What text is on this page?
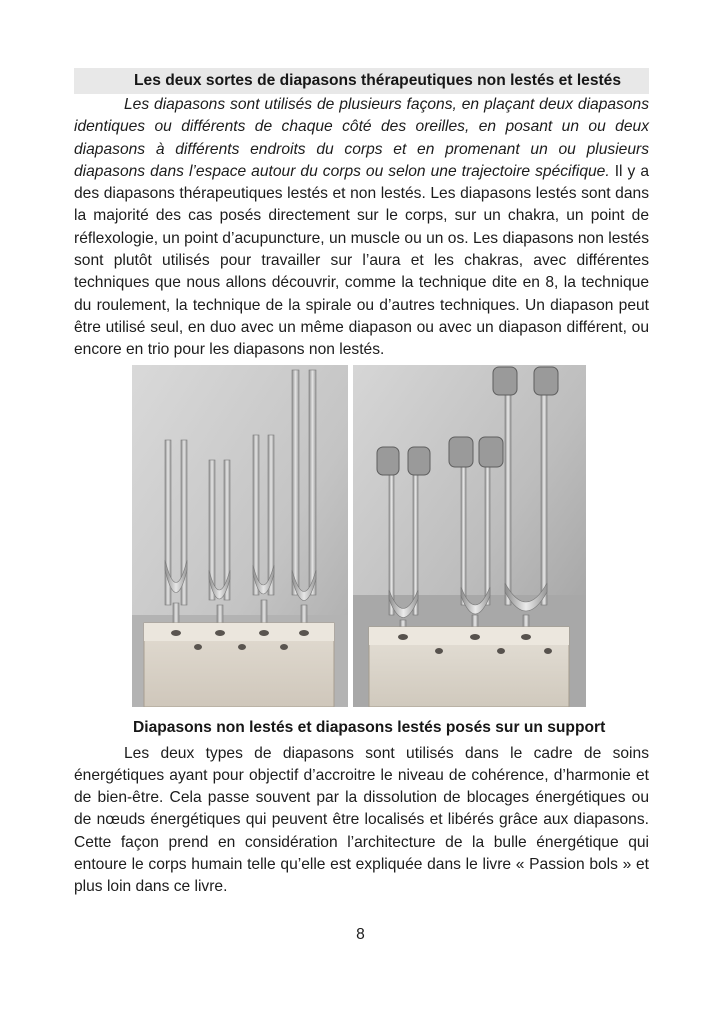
Les deux sortes de diapasons thérapeutiques non lestés et lestés

Les diapasons sont utilisés de plusieurs façons, en plaçant deux diapasons identiques ou différents de chaque côté des oreilles, en posant un ou deux diapasons à différents endroits du corps et en promenant un ou plusieurs diapasons dans l’espace autour du corps ou selon une trajectoire spécifique. Il y a des diapasons thérapeutiques lestés et non lestés. Les diapasons lestés sont dans la majorité des cas posés directement sur le corps, sur un chakra, un point de réflexologie, un point d’acupuncture, un muscle ou un os. Les diapasons non lestés sont plutôt utilisés pour travailler sur l’aura et les chakras, avec différentes techniques que nous allons découvrir, comme la technique dite en 8, la technique du roulement, la technique de la spirale ou d’autres techniques. Un diapason peut être utilisé seul, en duo avec un même diapason ou avec un diapason différent, ou encore en trio pour les diapasons non lestés.

Diapasons non lestés et diapasons lestés posés sur un support

Les deux types de diapasons sont utilisés dans le cadre de soins énergétiques ayant pour objectif d’accroitre le niveau de cohérence, d’harmonie et de bien-être. Cela passe souvent par la dissolution de blocages énergétiques ou de nœuds énergétiques qui peuvent être localisés et libérés grâce aux diapasons. Cette façon prend en considération l’architecture de la bulle énergétique qui entoure le corps humain telle qu’elle est expliquée dans le livre « Passion bols » et plus loin dans ce livre.

8
